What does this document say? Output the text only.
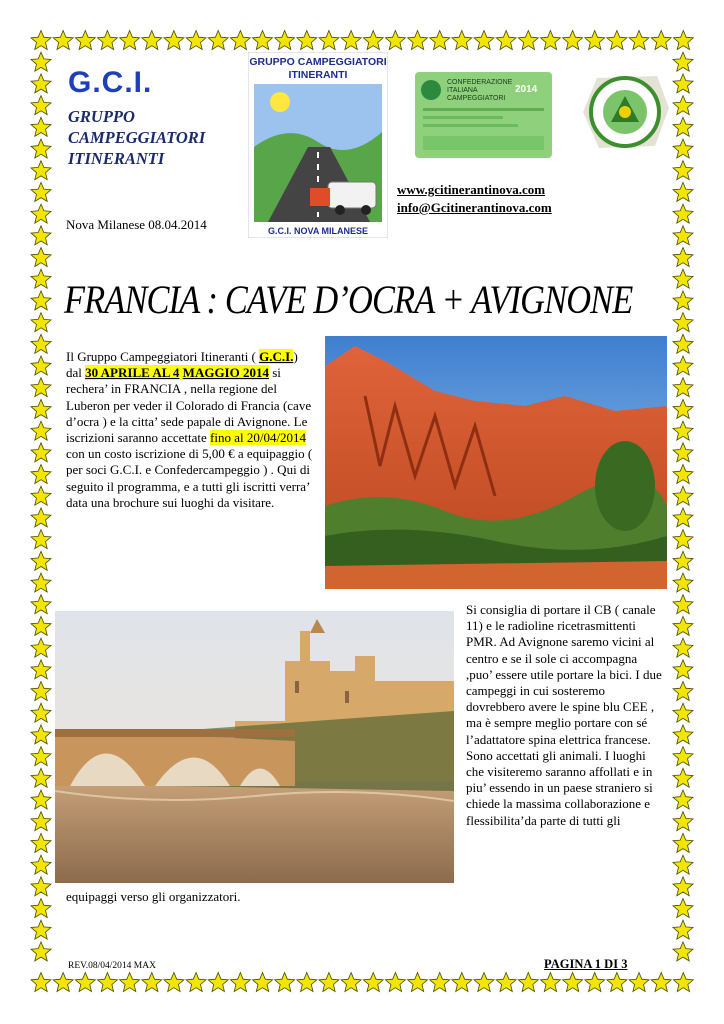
G.C.I.
GRUPPO
CAMPEGGIATORI
ITINERANTI
Nova Milanese 08.04.2014
GRUPPO CAMPEGGIATORI
ITINERANTI
G.C.I. NOVA MILANESE
CONFEDERAZIONE
ITALIANA
CAMPEGGIATORI
2014
www.gcitinerantinova.com
info@Gcitinerantinova.com
FRANCIA : CAVE D’OCRA + AVIGNONE
Il Gruppo Campeggiatori Itineranti ( G.C.I.) dal 30 APRILE AL 4 MAGGIO 2014 si rechera’ in FRANCIA , nella regione del Luberon per veder il Colorado di Francia (cave d’ocra ) e la citta’ sede papale di Avignone. Le iscrizioni saranno accettate fino al 20/04/2014 con un costo iscrizione di 5,00 € a equipaggio ( per soci G.C.I. e Confedercampeggio ) . Qui di seguito il programma, e a tutti gli iscritti verra’ data una brochure sui luoghi da visitare.
Si consiglia di portare il CB ( canale 11) e le radioline ricetrasmittenti PMR. Ad Avignone saremo vicini al centro e se il sole ci accompagna ,puo’ essere utile portare la bici. I due campeggi in cui sosteremo dovrebbero avere le spine blu CEE , ma è sempre meglio portare con sé l’adattatore spina elettrica francese. Sono accettati gli animali. I luoghi che visiteremo saranno affollati e in piu’ essendo in un paese straniero si chiede la massima collaborazione e flessibilita’da parte di tutti gli
equipaggi verso gli organizzatori.
REV.08/04/2014 MAX	PAGINA 1 DI 3
